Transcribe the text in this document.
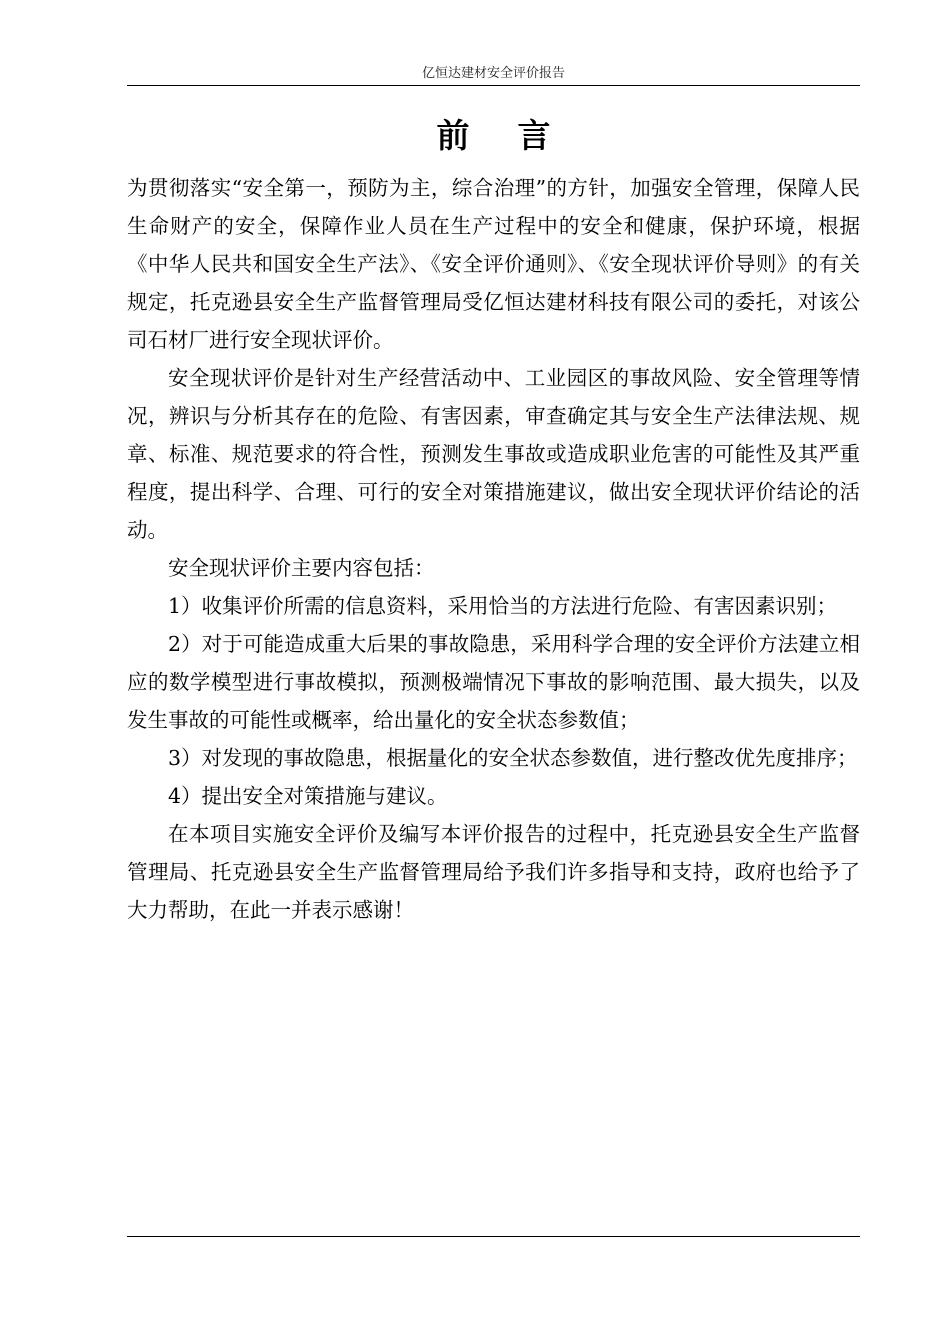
亿恒达建材安全评价报告
前言

为贯彻落实“安全第一，预防为主，综合治理”的方针，加强安全管理，保障人民生命财产的安全，保障作业人员在生产过程中的安全和健康，保护环境，根据《中华人民共和国安全生产法》、《安全评价通则》、《安全现状评价导则》的有关规定，托克逊县安全生产监督管理局受亿恒达建材科技有限公司的委托，对该公司石材厂进行安全现状评价。

安全现状评价是针对生产经营活动中、工业园区的事故风险、安全管理等情况，辨识与分析其存在的危险、有害因素，审查确定其与安全生产法律法规、规章、标准、规范要求的符合性，预测发生事故或造成职业危害的可能性及其严重程度，提出科学、合理、可行的安全对策措施建议，做出安全现状评价结论的活动。

安全现状评价主要内容包括：

1）收集评价所需的信息资料，采用恰当的方法进行危险、有害因素识别；

2）对于可能造成重大后果的事故隐患，采用科学合理的安全评价方法建立相应的数学模型进行事故模拟，预测极端情况下事故的影响范围、最大损失，以及发生事故的可能性或概率，给出量化的安全状态参数值；

3）对发现的事故隐患，根据量化的安全状态参数值，进行整改优先度排序；

4）提出安全对策措施与建议。

在本项目实施安全评价及编写本评价报告的过程中，托克逊县安全生产监督管理局、托克逊县安全生产监督管理局给予我们许多指导和支持，政府也给予了大力帮助，在此一并表示感谢！
